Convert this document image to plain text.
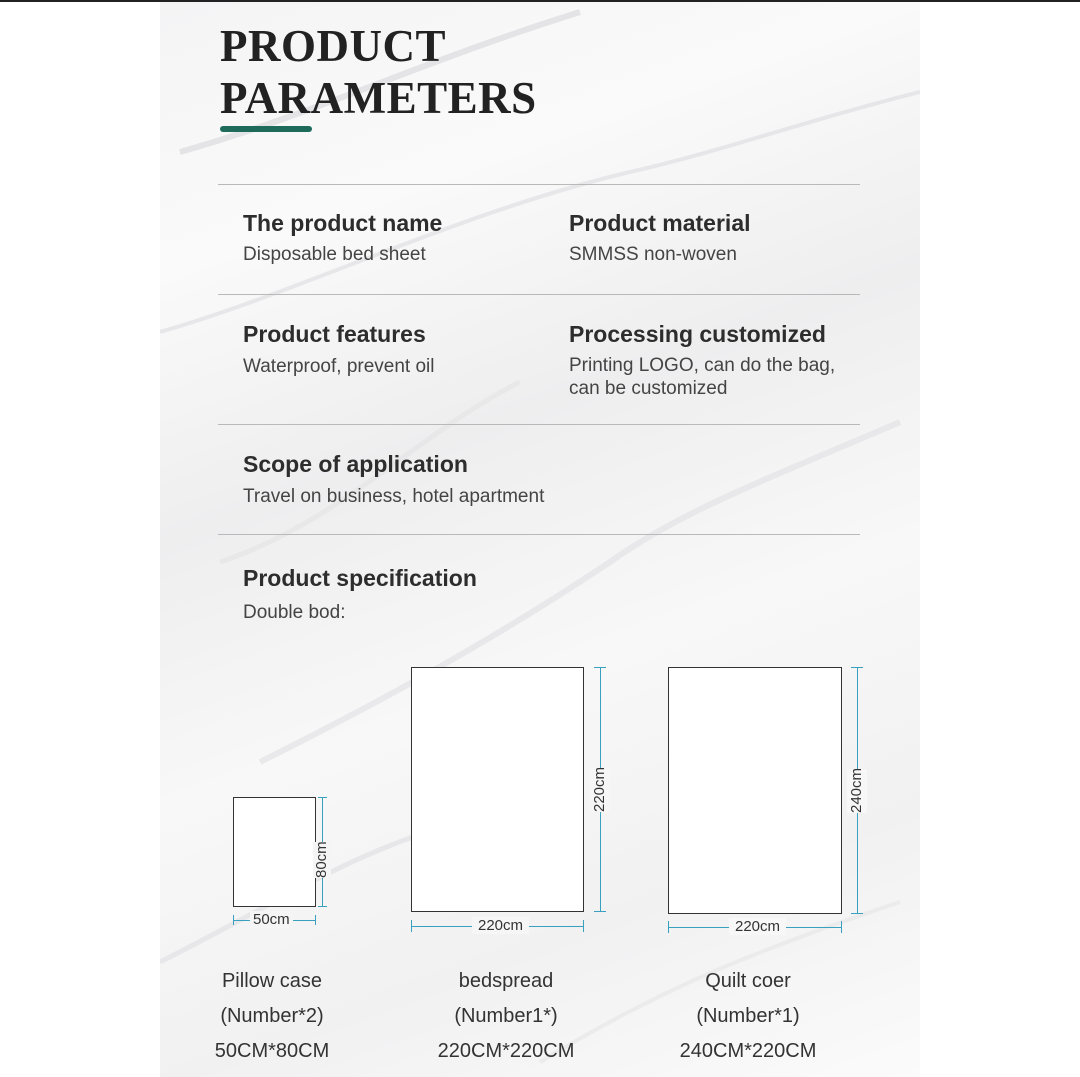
PRODUCT
PARAMETERS
The product name
Disposable bed sheet
Product material
SMMSS non-woven
Product features
Waterproof, prevent oil
Processing customized
Printing LOGO, can do the bag,
can be customized
Scope of application
Travel on business, hotel apartment
Product specification
Double bod:
80cm
50cm
220cm
220cm
240cm
220cm
Pillow case
(Number*2)
50CM*80CM
bedspread
(Number1*)
220CM*220CM
Quilt coer
(Number*1)
240CM*220CM
